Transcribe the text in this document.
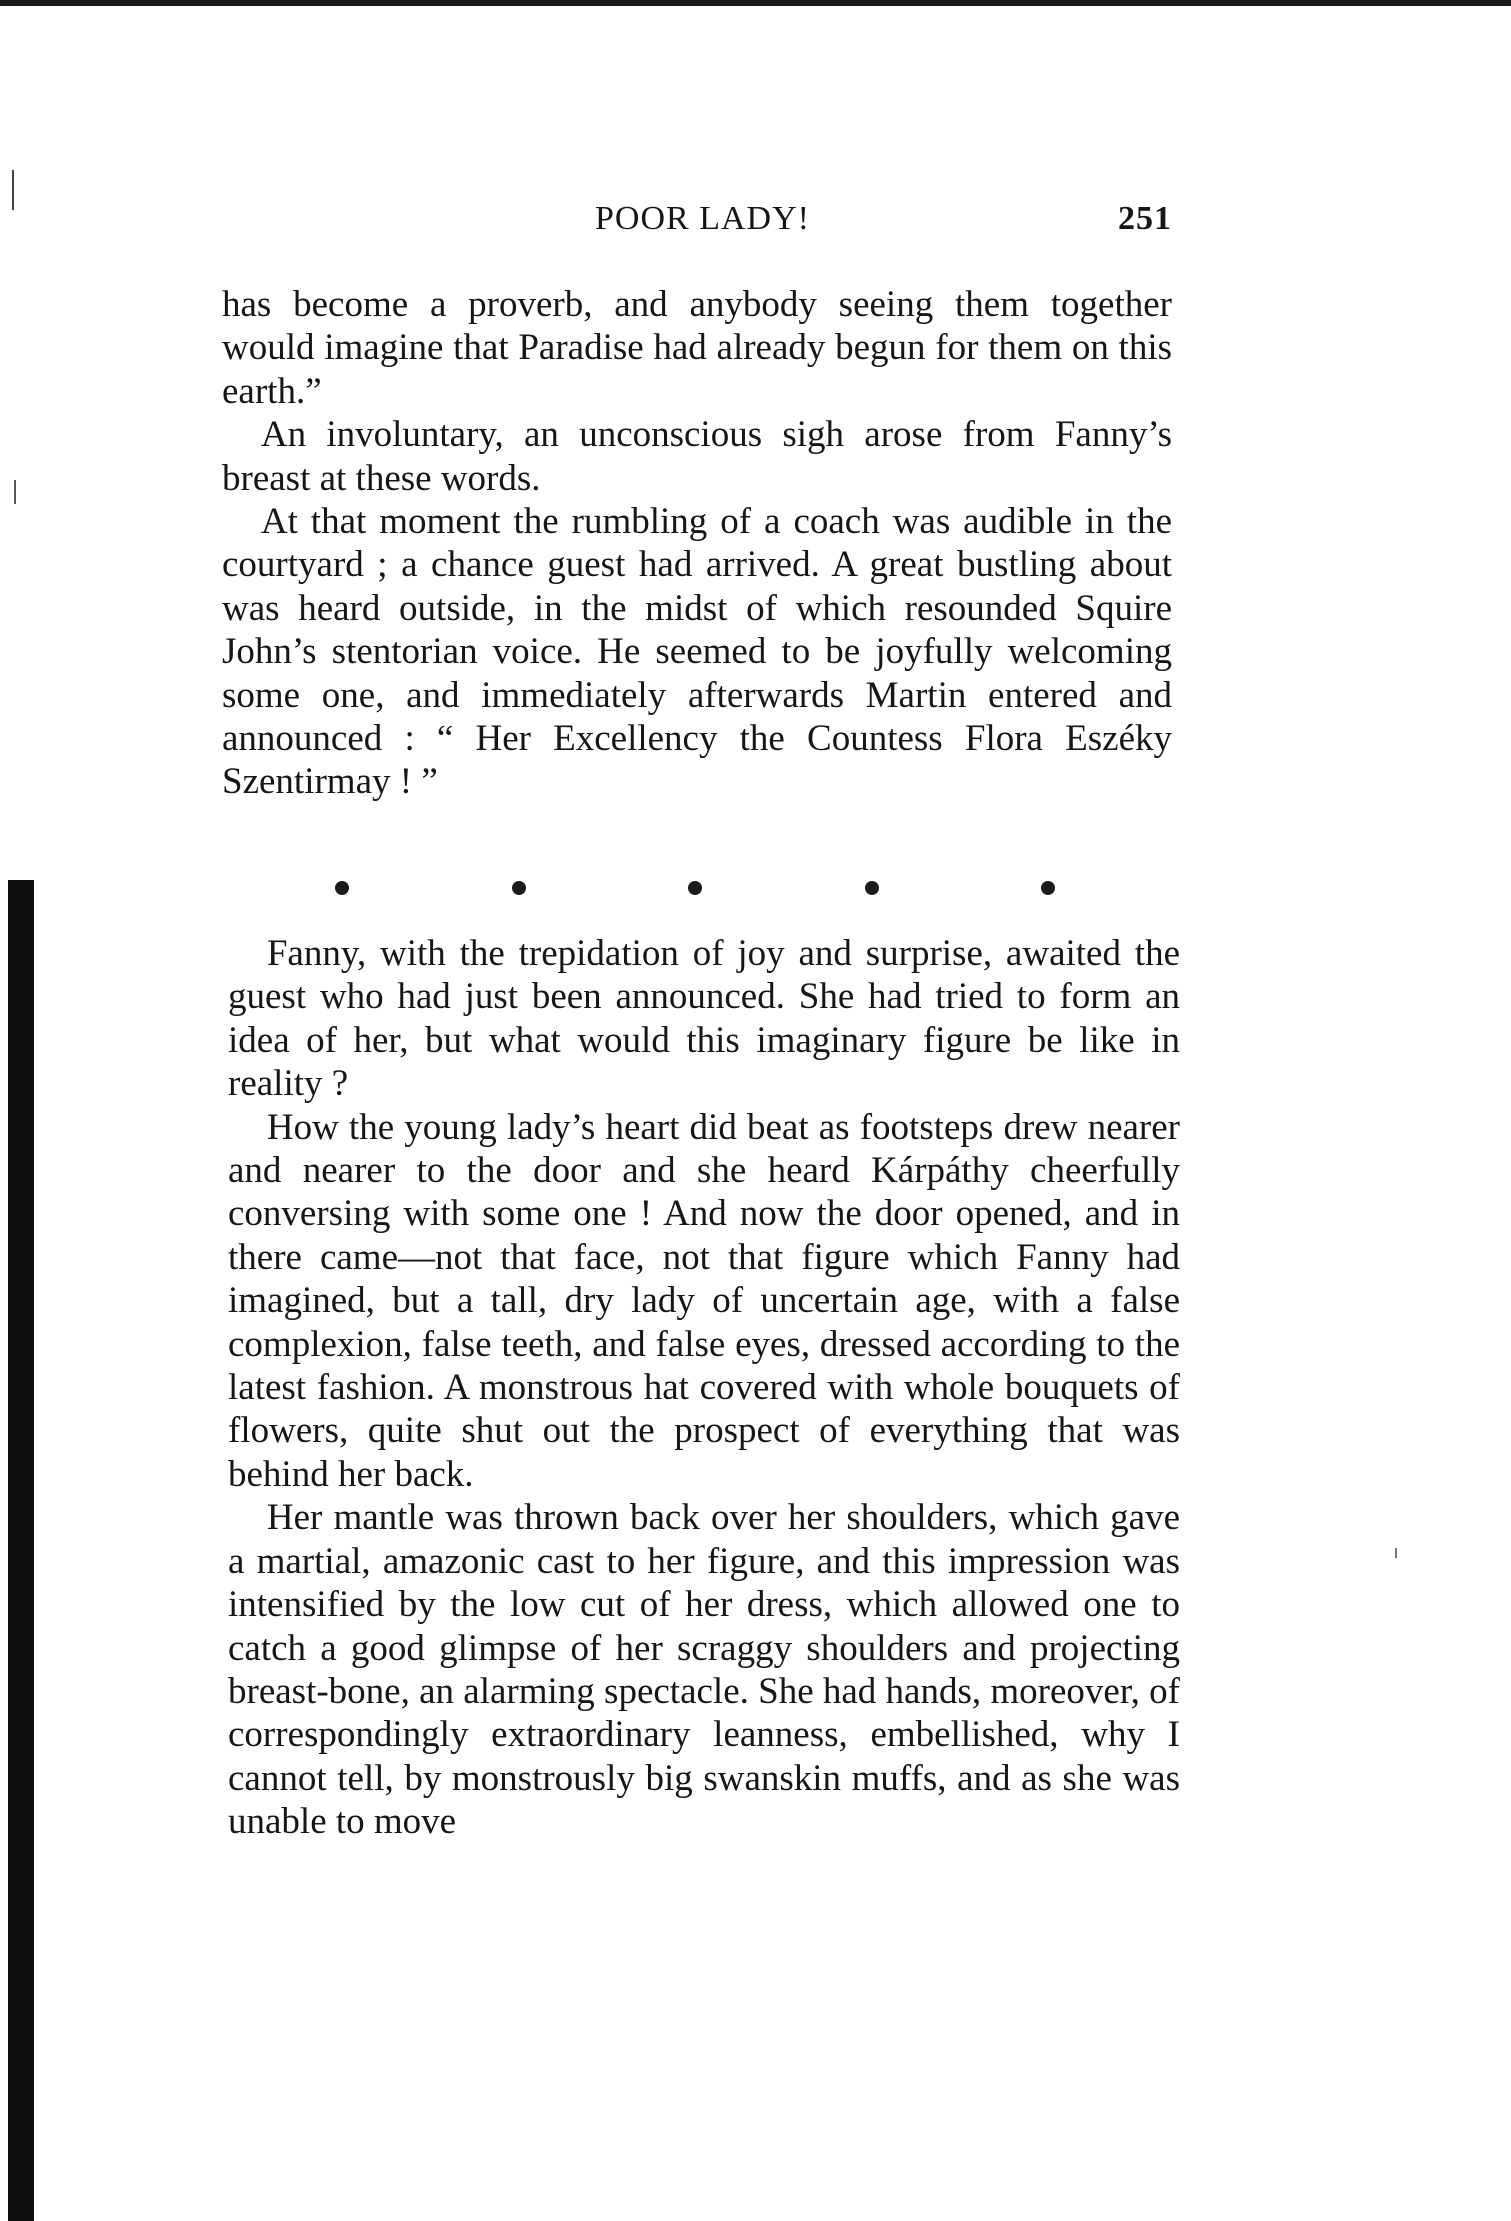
POOR LADY!	251

has become a proverb, and anybody seeing them together would imagine that Paradise had already begun for them on this earth.”

An involuntary, an unconscious sigh arose from Fanny’s breast at these words.

At that moment the rumbling of a coach was audible in the courtyard ; a chance guest had arrived. A great bustling about was heard outside, in the midst of which resounded Squire John’s stentorian voice. He seemed to be joyfully welcoming some one, and immediately afterwards Martin entered and announced : “ Her Excellency the Countess Flora Eszéky Szentirmay ! ”

Fanny, with the trepidation of joy and surprise, awaited the guest who had just been announced. She had tried to form an idea of her, but what would this imaginary figure be like in reality ?

How the young lady’s heart did beat as footsteps drew nearer and nearer to the door and she heard Kárpáthy cheerfully conversing with some one ! And now the door opened, and in there came—not that face, not that figure which Fanny had imagined, but a tall, dry lady of uncertain age, with a false complexion, false teeth, and false eyes, dressed according to the latest fashion. A monstrous hat covered with whole bouquets of flowers, quite shut out the prospect of everything that was behind her back.

Her mantle was thrown back over her shoulders, which gave a martial, amazonic cast to her figure, and this impression was intensified by the low cut of her dress, which allowed one to catch a good glimpse of her scraggy shoulders and projecting breast-bone, an alarming spectacle. She had hands, moreover, of correspondingly extraordinary leanness, embellished, why I cannot tell, by monstrously big swanskin muffs, and as she was unable to move
